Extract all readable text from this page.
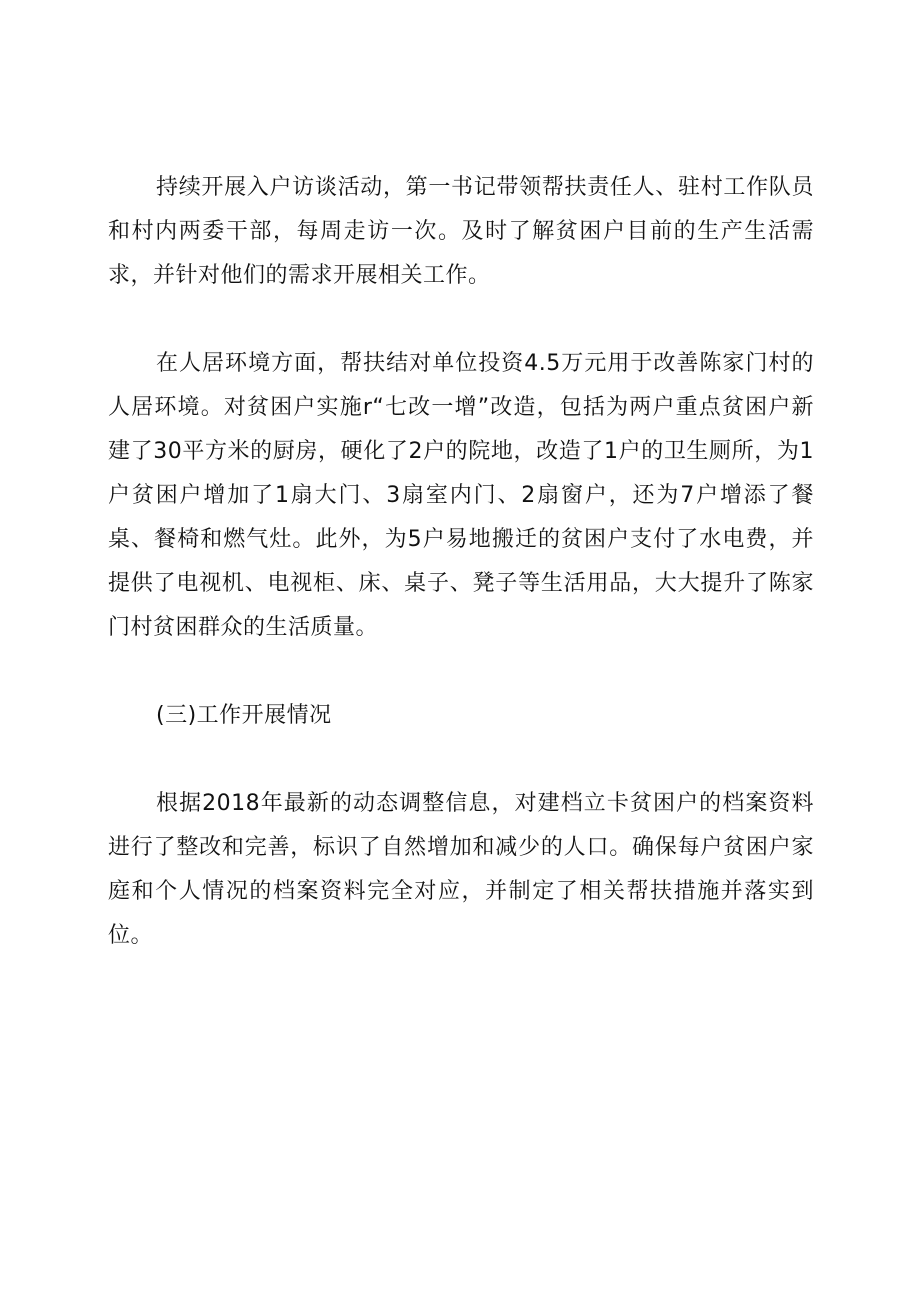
持续开展入户访谈活动，第一书记带领帮扶责任人、驻村工作队员和村内两委干部，每周走访一次。及时了解贫困户目前的生产生活需求，并针对他们的需求开展相关工作。

在人居环境方面，帮扶结对单位投资4.5万元用于改善陈家门村的人居环境。对贫困户实施r“七改一增”改造，包括为两户重点贫困户新建了30平方米的厨房，硬化了2户的院地，改造了1户的卫生厕所，为1户贫困户增加了1扇大门、3扇室内门、2扇窗户，还为7户增添了餐桌、餐椅和燃气灶。此外，为5户易地搬迁的贫困户支付了水电费，并提供了电视机、电视柜、床、桌子、凳子等生活用品，大大提升了陈家门村贫困群众的生活质量。

(三)工作开展情况

根据2018年最新的动态调整信息，对建档立卡贫困户的档案资料进行了整改和完善，标识了自然增加和减少的人口。确保每户贫困户家庭和个人情况的档案资料完全对应，并制定了相关帮扶措施并落实到位。
